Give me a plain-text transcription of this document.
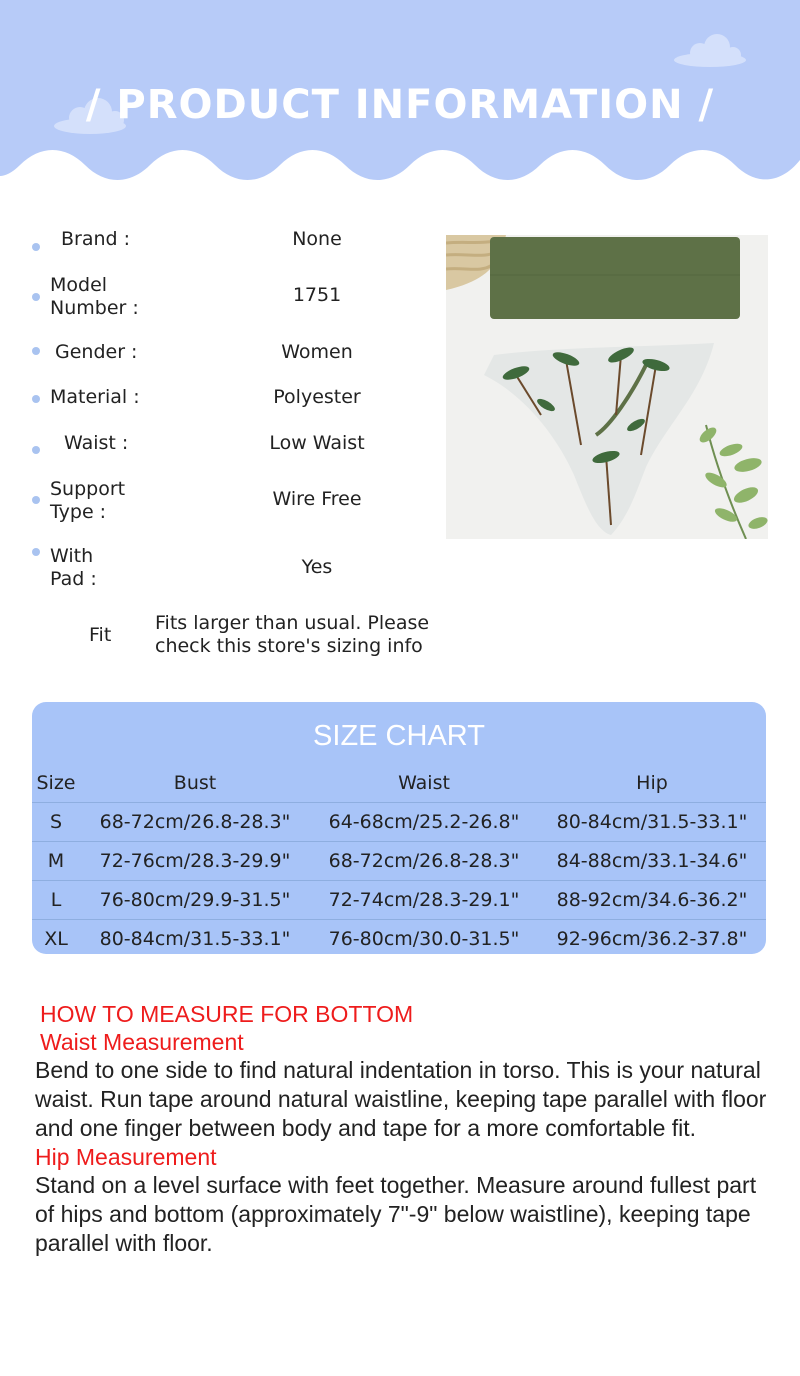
/ PRODUCT INFORMATION /
Brand :	None
Model
Number :
1751
Gender :	Women
Material :	Polyester
Waist :	Low Waist
Support
Type :
Wire Free
With
Pad :
Yes
Fit
Fits larger than usual. Please check this store's sizing info
SIZE CHART
Size	Bust	Waist	Hip
S	68-72cm/26.8-28.3"	64-68cm/25.2-26.8"	80-84cm/31.5-33.1"
M	72-76cm/28.3-29.9"	68-72cm/26.8-28.3"	84-88cm/33.1-34.6"
L	76-80cm/29.9-31.5"	72-74cm/28.3-29.1"	88-92cm/34.6-36.2"
XL	80-84cm/31.5-33.1"	76-80cm/30.0-31.5"	92-96cm/36.2-37.8"
HOW TO MEASURE FOR BOTTOM
Waist Measurement
Bend to one side to find natural indentation in torso. This is your natural waist. Run tape around natural waistline, keeping tape parallel with floor and one finger between body and tape for a more comfortable fit.
Hip Measurement
Stand on a level surface with feet together. Measure around fullest part of hips and bottom (approximately 7"-9" below waistline), keeping tape parallel with floor.
